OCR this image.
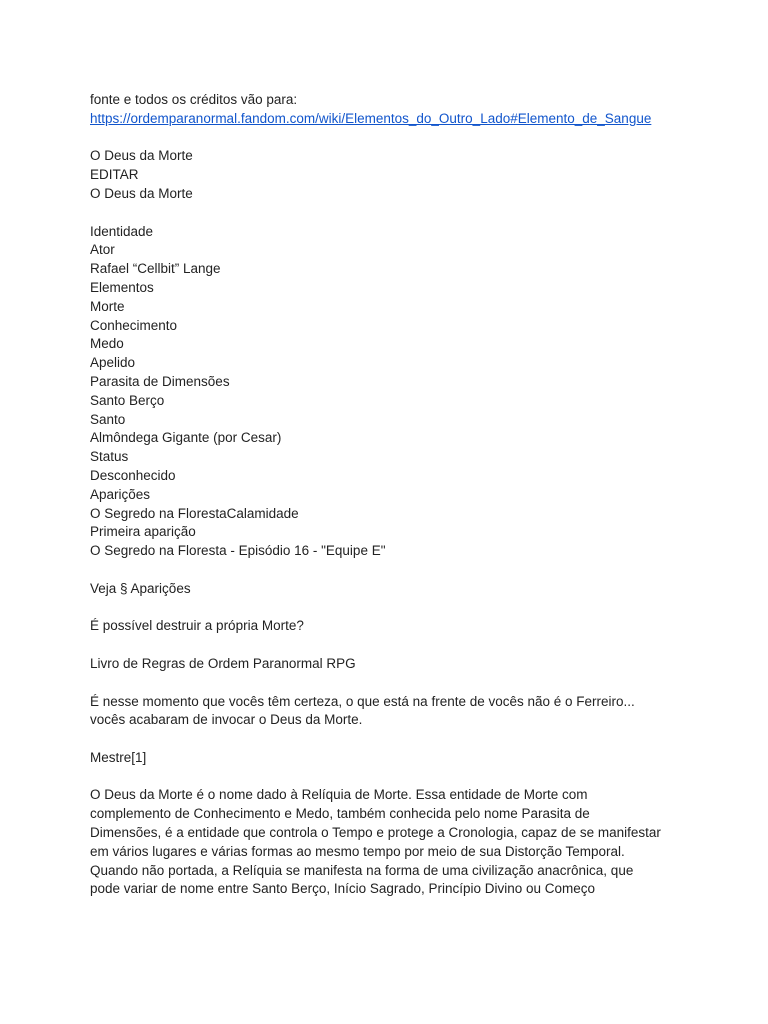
fonte e todos os créditos vão para:
https://ordemparanormal.fandom.com/wiki/Elementos_do_Outro_Lado#Elemento_de_Sangue
O Deus da Morte
EDITAR
O Deus da Morte
Identidade
Ator
Rafael “Cellbit” Lange
Elementos
Morte
Conhecimento
Medo
Apelido
Parasita de Dimensões
Santo Berço
Santo
Almôndega Gigante (por Cesar)
Status
Desconhecido
Aparições
O Segredo na FlorestaCalamidade
Primeira aparição
O Segredo na Floresta - Episódio 16 - "Equipe E"
Veja § Aparições
É possível destruir a própria Morte?
Livro de Regras de Ordem Paranormal RPG
É nesse momento que vocês têm certeza, o que está na frente de vocês não é o Ferreiro...
vocês acabaram de invocar o Deus da Morte.
Mestre[1]
O Deus da Morte é o nome dado à Relíquia de Morte. Essa entidade de Morte com
complemento de Conhecimento e Medo, também conhecida pelo nome Parasita de
Dimensões, é a entidade que controla o Tempo e protege a Cronologia, capaz de se manifestar
em vários lugares e várias formas ao mesmo tempo por meio de sua Distorção Temporal.
Quando não portada, a Relíquia se manifesta na forma de uma civilização anacrônica, que
pode variar de nome entre Santo Berço, Início Sagrado, Princípio Divino ou Começo
